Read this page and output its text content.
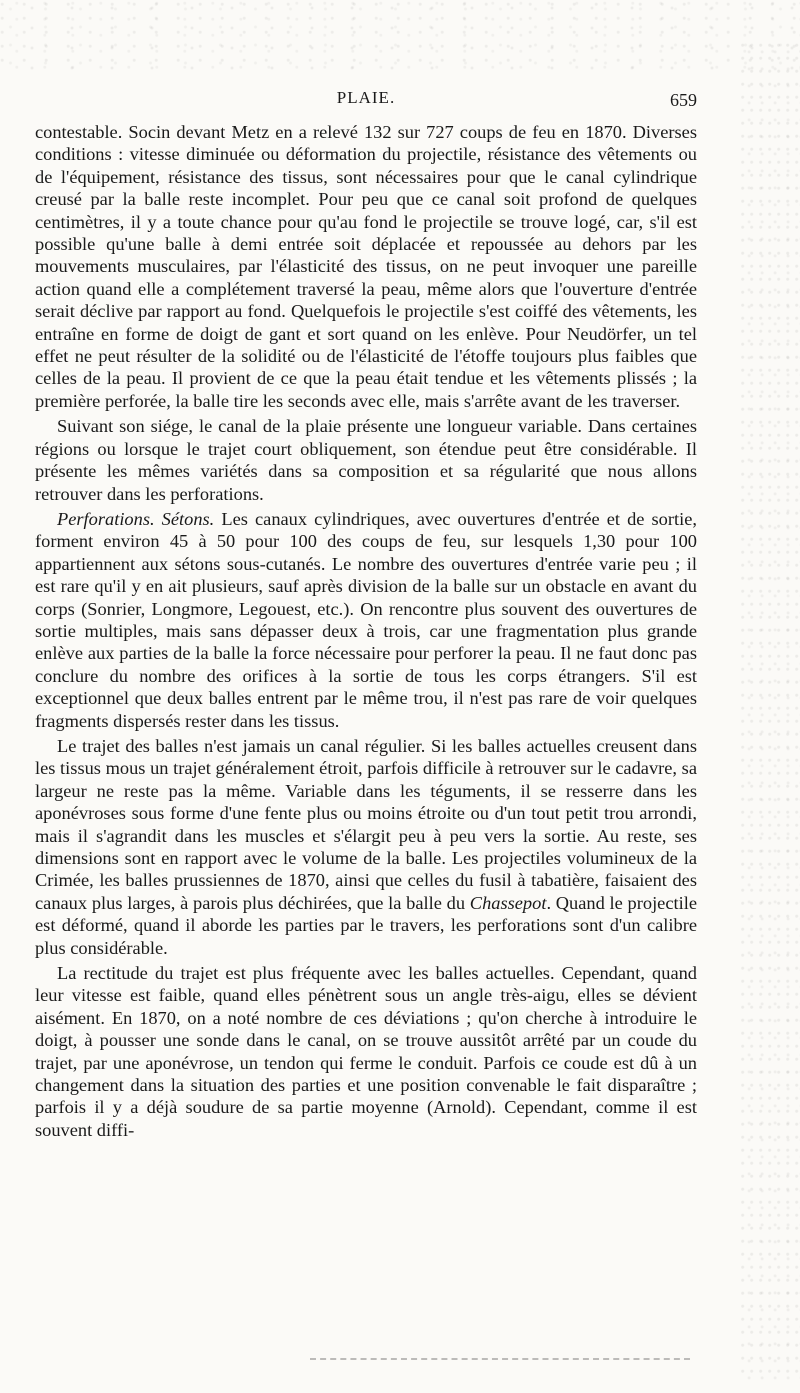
PLAIE.	659

contestable. Socin devant Metz en a relevé 132 sur 727 coups de feu en 1870. Diverses conditions : vitesse diminuée ou déformation du projectile, résistance des vêtements ou de l'équipement, résistance des tissus, sont nécessaires pour que le canal cylindrique creusé par la balle reste incomplet. Pour peu que ce canal soit profond de quelques centimètres, il y a toute chance pour qu'au fond le projectile se trouve logé, car, s'il est possible qu'une balle à demi entrée soit déplacée et repoussée au dehors par les mouvements musculaires, par l'élasticité des tissus, on ne peut invoquer une pareille action quand elle a complétement traversé la peau, même alors que l'ouverture d'entrée serait déclive par rapport au fond. Quelquefois le projectile s'est coiffé des vêtements, les entraîne en forme de doigt de gant et sort quand on les enlève. Pour Neudörfer, un tel effet ne peut résulter de la solidité ou de l'élasticité de l'étoffe toujours plus faibles que celles de la peau. Il provient de ce que la peau était tendue et les vêtements plissés ; la première perforée, la balle tire les seconds avec elle, mais s'arrête avant de les traverser.

Suivant son siége, le canal de la plaie présente une longueur variable. Dans certaines régions ou lorsque le trajet court obliquement, son étendue peut être considérable. Il présente les mêmes variétés dans sa composition et sa régularité que nous allons retrouver dans les perforations.

Perforations. Sétons. Les canaux cylindriques, avec ouvertures d'entrée et de sortie, forment environ 45 à 50 pour 100 des coups de feu, sur lesquels 1,30 pour 100 appartiennent aux sétons sous-cutanés. Le nombre des ouvertures d'entrée varie peu ; il est rare qu'il y en ait plusieurs, sauf après division de la balle sur un obstacle en avant du corps (Sonrier, Longmore, Legouest, etc.). On rencontre plus souvent des ouvertures de sortie multiples, mais sans dépasser deux à trois, car une fragmentation plus grande enlève aux parties de la balle la force nécessaire pour perforer la peau. Il ne faut donc pas conclure du nombre des orifices à la sortie de tous les corps étrangers. S'il est exceptionnel que deux balles entrent par le même trou, il n'est pas rare de voir quelques fragments dispersés rester dans les tissus.

Le trajet des balles n'est jamais un canal régulier. Si les balles actuelles creusent dans les tissus mous un trajet généralement étroit, parfois difficile à retrouver sur le cadavre, sa largeur ne reste pas la même. Variable dans les téguments, il se resserre dans les aponévroses sous forme d'une fente plus ou moins étroite ou d'un tout petit trou arrondi, mais il s'agrandit dans les muscles et s'élargit peu à peu vers la sortie. Au reste, ses dimensions sont en rapport avec le volume de la balle. Les projectiles volumineux de la Crimée, les balles prussiennes de 1870, ainsi que celles du fusil à tabatière, faisaient des canaux plus larges, à parois plus déchirées, que la balle du Chassepot. Quand le projectile est déformé, quand il aborde les parties par le travers, les perforations sont d'un calibre plus considérable.

La rectitude du trajet est plus fréquente avec les balles actuelles. Cependant, quand leur vitesse est faible, quand elles pénètrent sous un angle très-aigu, elles se dévient aisément. En 1870, on a noté nombre de ces déviations ; qu'on cherche à introduire le doigt, à pousser une sonde dans le canal, on se trouve aussitôt arrêté par un coude du trajet, par une aponévrose, un tendon qui ferme le conduit. Parfois ce coude est dû à un changement dans la situation des parties et une position convenable le fait disparaître ; parfois il y a déjà soudure de sa partie moyenne (Arnold). Cependant, comme il est souvent diffi-
